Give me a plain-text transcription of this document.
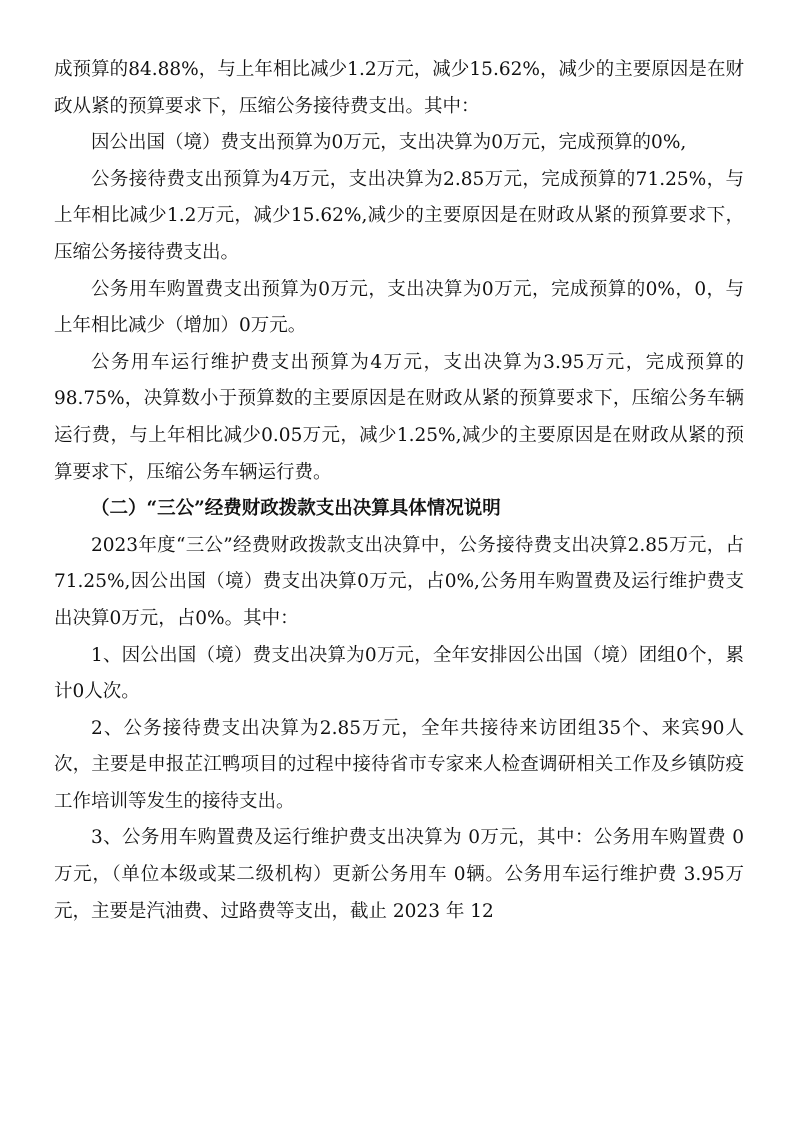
成预算的84.88%，与上年相比减少1.2万元，减少15.62%，减少的主要原因是在财政从紧的预算要求下，压缩公务接待费支出。其中：

因公出国（境）费支出预算为0万元，支出决算为0万元，完成预算的0%,

公务接待费支出预算为4万元，支出决算为2.85万元，完成预算的71.25%，与上年相比减少1.2万元，减少15.62%,减少的主要原因是在财政从紧的预算要求下，压缩公务接待费支出。

公务用车购置费支出预算为0万元，支出决算为0万元，完成预算的0%，0，与上年相比减少（增加）0万元。

公务用车运行维护费支出预算为4万元，支出决算为3.95万元，完成预算的98.75%，决算数小于预算数的主要原因是在财政从紧的预算要求下，压缩公务车辆运行费，与上年相比减少0.05万元，减少1.25%,减少的主要原因是在财政从紧的预算要求下，压缩公务车辆运行费。

（二）“三公”经费财政拨款支出决算具体情况说明

2023年度“三公”经费财政拨款支出决算中，公务接待费支出决算2.85万元，占71.25%,因公出国（境）费支出决算0万元，占0%,公务用车购置费及运行维护费支出决算0万元，占0%。其中：

1、因公出国（境）费支出决算为0万元，全年安排因公出国（境）团组0个，累计0人次。

2、公务接待费支出决算为2.85万元，全年共接待来访团组35个、来宾90人次，主要是申报芷江鸭项目的过程中接待省市专家来人检查调研相关工作及乡镇防疫工作培训等发生的接待支出。

3、公务用车购置费及运行维护费支出决算为 0万元，其中：公务用车购置费 0万元，（单位本级或某二级机构）更新公务用车 0辆。公务用车运行维护费 3.95万元，主要是汽油费、过路费等支出，截止 2023 年 12
